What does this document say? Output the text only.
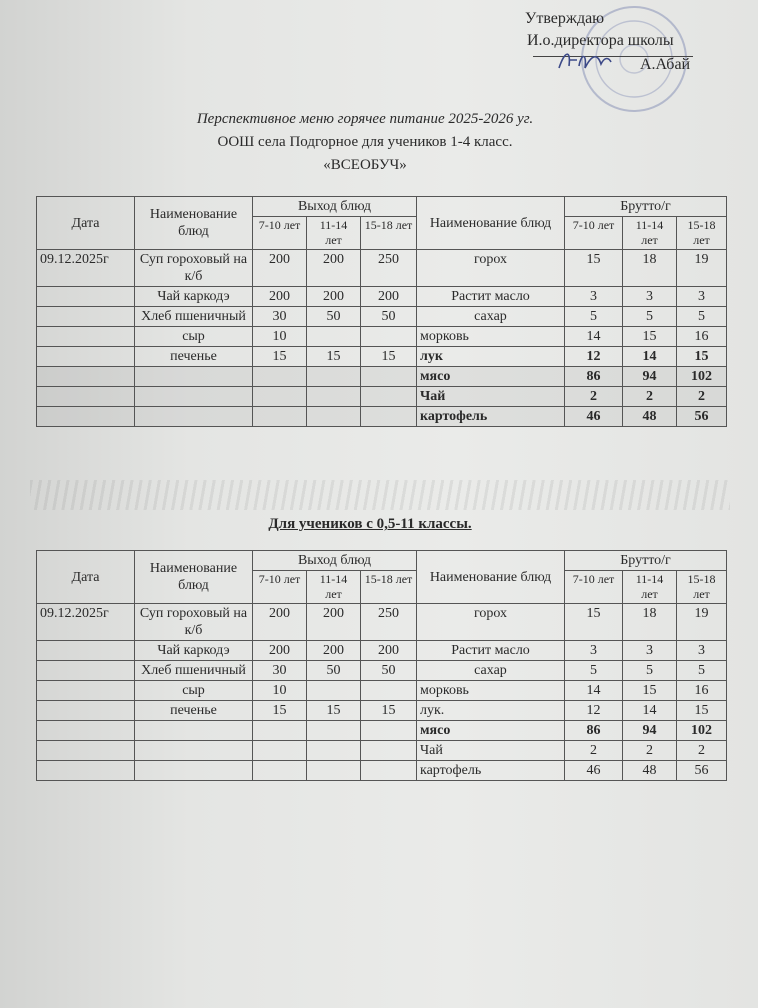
Утверждаю
И.о.директора школы
А.Абай
Перспективное меню горячее питание 2025-2026 уг.
ООШ села Подгорное для учеников 1-4 класс.
«ВСЕОБУЧ»
Дата	Наименование блюд	Выход блюд			Наименование блюд	Брутто/г		
		7-10 лет	11-14 лет	15-18 лет		7-10 лет	11-14 лет	15-18 лет
09.12.2025г	Суп гороховый на к/б	200	200	250	горох	15	18	19
	Чай каркодэ	200	200	200	Растит масло	3	3	3
	Хлеб пшеничный	30	50	50	сахар	5	5	5
	сыр	10			морковь	14	15	16
	печенье	15	15	15	лук	12	14	15
					мясо	86	94	102
					Чай	2	2	2
					картофель	46	48	56
Для учеников с 0,5-11 классы.
Дата	Наименование блюд	Выход блюд			Наименование блюд	Брутто/г		
		7-10 лет	11-14 лет	15-18 лет		7-10 лет	11-14 лет	15-18 лет
09.12.2025г	Суп гороховый на к/б	200	200	250	горох	15	18	19
	Чай каркодэ	200	200	200	Растит масло	3	3	3
	Хлеб пшеничный	30	50	50	сахар	5	5	5
	сыр	10			морковь	14	15	16
	печенье	15	15	15	лук.	12	14	15
					мясо	86	94	102
					Чай	2	2	2
					картофель	46	48	56
